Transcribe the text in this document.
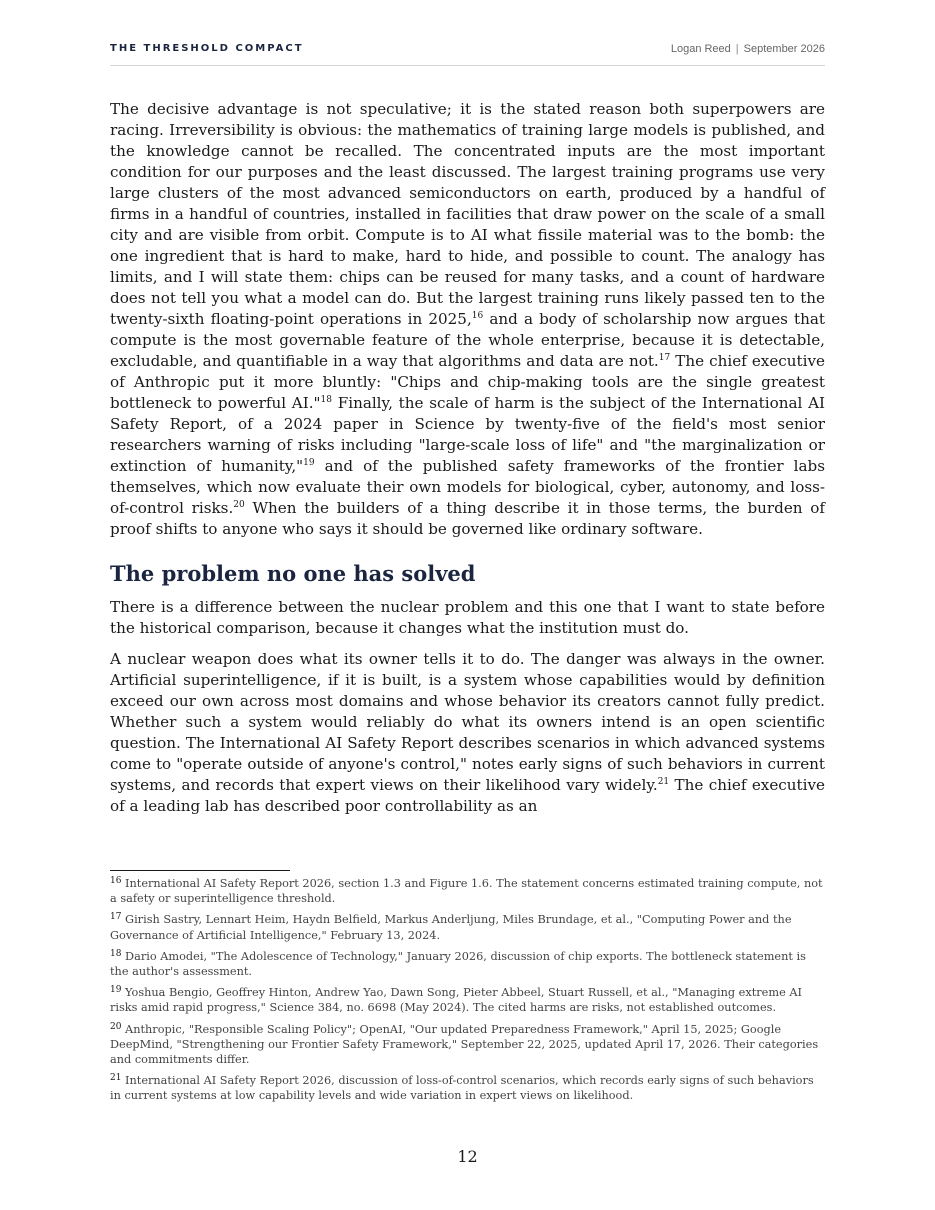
THE THRESHOLD COMPACT	Logan Reed | September 2026

The decisive advantage is not speculative; it is the stated reason both superpowers are racing. Irreversibility is obvious: the mathematics of training large models is published, and the knowledge cannot be recalled. The concentrated inputs are the most important condition for our purposes and the least discussed. The largest training programs use very large clusters of the most advanced semiconductors on earth, produced by a handful of firms in a handful of countries, installed in facilities that draw power on the scale of a small city and are visible from orbit. Compute is to AI what fissile material was to the bomb: the one ingredient that is hard to make, hard to hide, and possible to count. The analogy has limits, and I will state them: chips can be reused for many tasks, and a count of hardware does not tell you what a model can do. But the largest training runs likely passed ten to the twenty-sixth floating-point operations in 2025,16 and a body of scholarship now argues that compute is the most governable feature of the whole enterprise, because it is detectable, excludable, and quantifiable in a way that algorithms and data are not.$^{17}$ The chief executive of Anthropic put it more bluntly: "Chips and chip-making tools are the single greatest bottleneck to powerful AI."$^{18}$ Finally, the scale of harm is the subject of the International AI Safety Report, of a 2024 paper in Science by twenty-five of the field's most senior researchers warning of risks including "large-scale loss of life" and "the marginalization or extinction of humanity,"$^{19}$ and of the published safety frameworks of the frontier labs themselves, which now evaluate their own models for biological, cyber, autonomy, and loss-of-control risks.$^{20}$ When the builders of a thing describe it in those terms, the burden of proof shifts to anyone who says it should be governed like ordinary software.

The problem no one has solved

There is a difference between the nuclear problem and this one that I want to state before the historical comparison, because it changes what the institution must do.

A nuclear weapon does what its owner tells it to do. The danger was always in the owner. Artificial superintelligence, if it is built, is a system whose capabilities would by definition exceed our own across most domains and whose behavior its creators cannot fully predict. Whether such a system would reliably do what its owners intend is an open scientific question. The International AI Safety Report describes scenarios in which advanced systems come to "operate outside of anyone's control," notes early signs of such behaviors in current systems, and records that expert views on their likelihood vary widely.$^{21}$ The chief executive of a leading lab has described poor controllability as an

$^{16}$ International AI Safety Report 2026, section 1.3 and Figure 1.6. The statement concerns estimated training compute, not a safety or superintelligence threshold.

$^{17}$ Girish Sastry, Lennart Heim, Haydn Belfield, Markus Anderljung, Miles Brundage, et al., "Computing Power and the Governance of Artificial Intelligence," February 13, 2024.

$^{18}$ Dario Amodei, "The Adolescence of Technology," January 2026, discussion of chip exports. The bottleneck statement is the author's assessment.

$^{19}$ Yoshua Bengio, Geoffrey Hinton, Andrew Yao, Dawn Song, Pieter Abbeel, Stuart Russell, et al., "Managing extreme AI risks amid rapid progress," Science 384, no. 6698 (May 2024). The cited harms are risks, not established outcomes.

$^{20}$ Anthropic, "Responsible Scaling Policy"; OpenAI, "Our updated Preparedness Framework," April 15, 2025; Google DeepMind, "Strengthening our Frontier Safety Framework," September 22, 2025, updated April 17, 2026. Their categories and commitments differ.

$^{21}$ International AI Safety Report 2026, discussion of loss-of-control scenarios, which records early signs of such behaviors in current systems at low capability levels and wide variation in expert views on likelihood.

12
